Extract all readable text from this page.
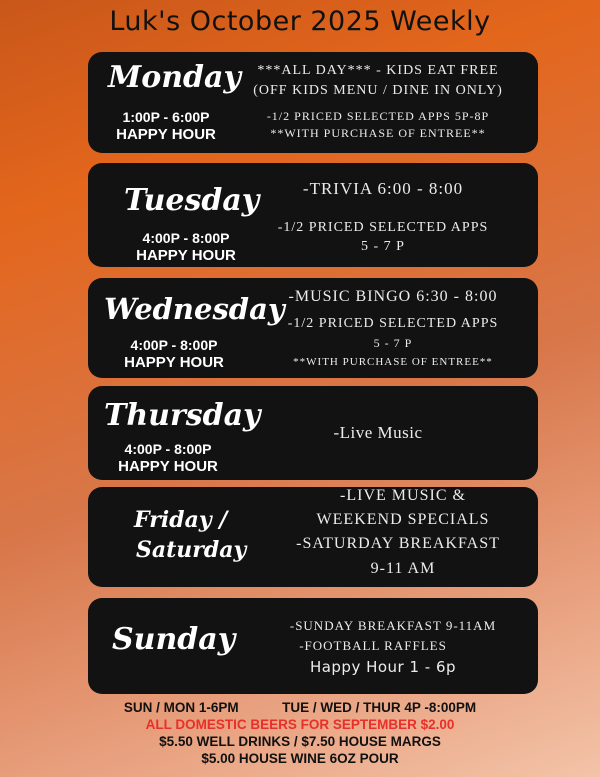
Luk's October 2025 Weekly
Monday
1:00P - 6:00P
HAPPY HOUR
***ALL DAY*** - KIDS EAT FREE
(OFF KIDS MENU / DINE IN ONLY)
-1/2 PRICED SELECTED APPS 5P-8P
**WITH PURCHASE OF ENTREE**
Tuesday
4:00P - 8:00P
HAPPY HOUR
-TRIVIA 6:00 - 8:00
-1/2 PRICED SELECTED APPS
5 - 7 P
Wednesday
4:00P - 8:00P
HAPPY HOUR
-MUSIC BINGO 6:30 - 8:00
-1/2 PRICED SELECTED APPS
5 - 7 P
**WITH PURCHASE OF ENTREE**
Thursday
4:00P - 8:00P
HAPPY HOUR
-Live Music
Friday /
Saturday
-LIVE MUSIC &
WEEKEND SPECIALS
-SATURDAY BREAKFAST
9-11 AM
Sunday	-SUNDAY BREAKFAST 9-11AM
-FOOTBALL RAFFLES
Happy Hour 1 - 6p
SUN / MON 1-6PM	TUE / WED / THUR 4P -8:00PM
ALL DOMESTIC BEERS FOR SEPTEMBER $2.00
$5.50 WELL DRINKS / $7.50 HOUSE MARGS
$5.00 HOUSE WINE 6OZ POUR
